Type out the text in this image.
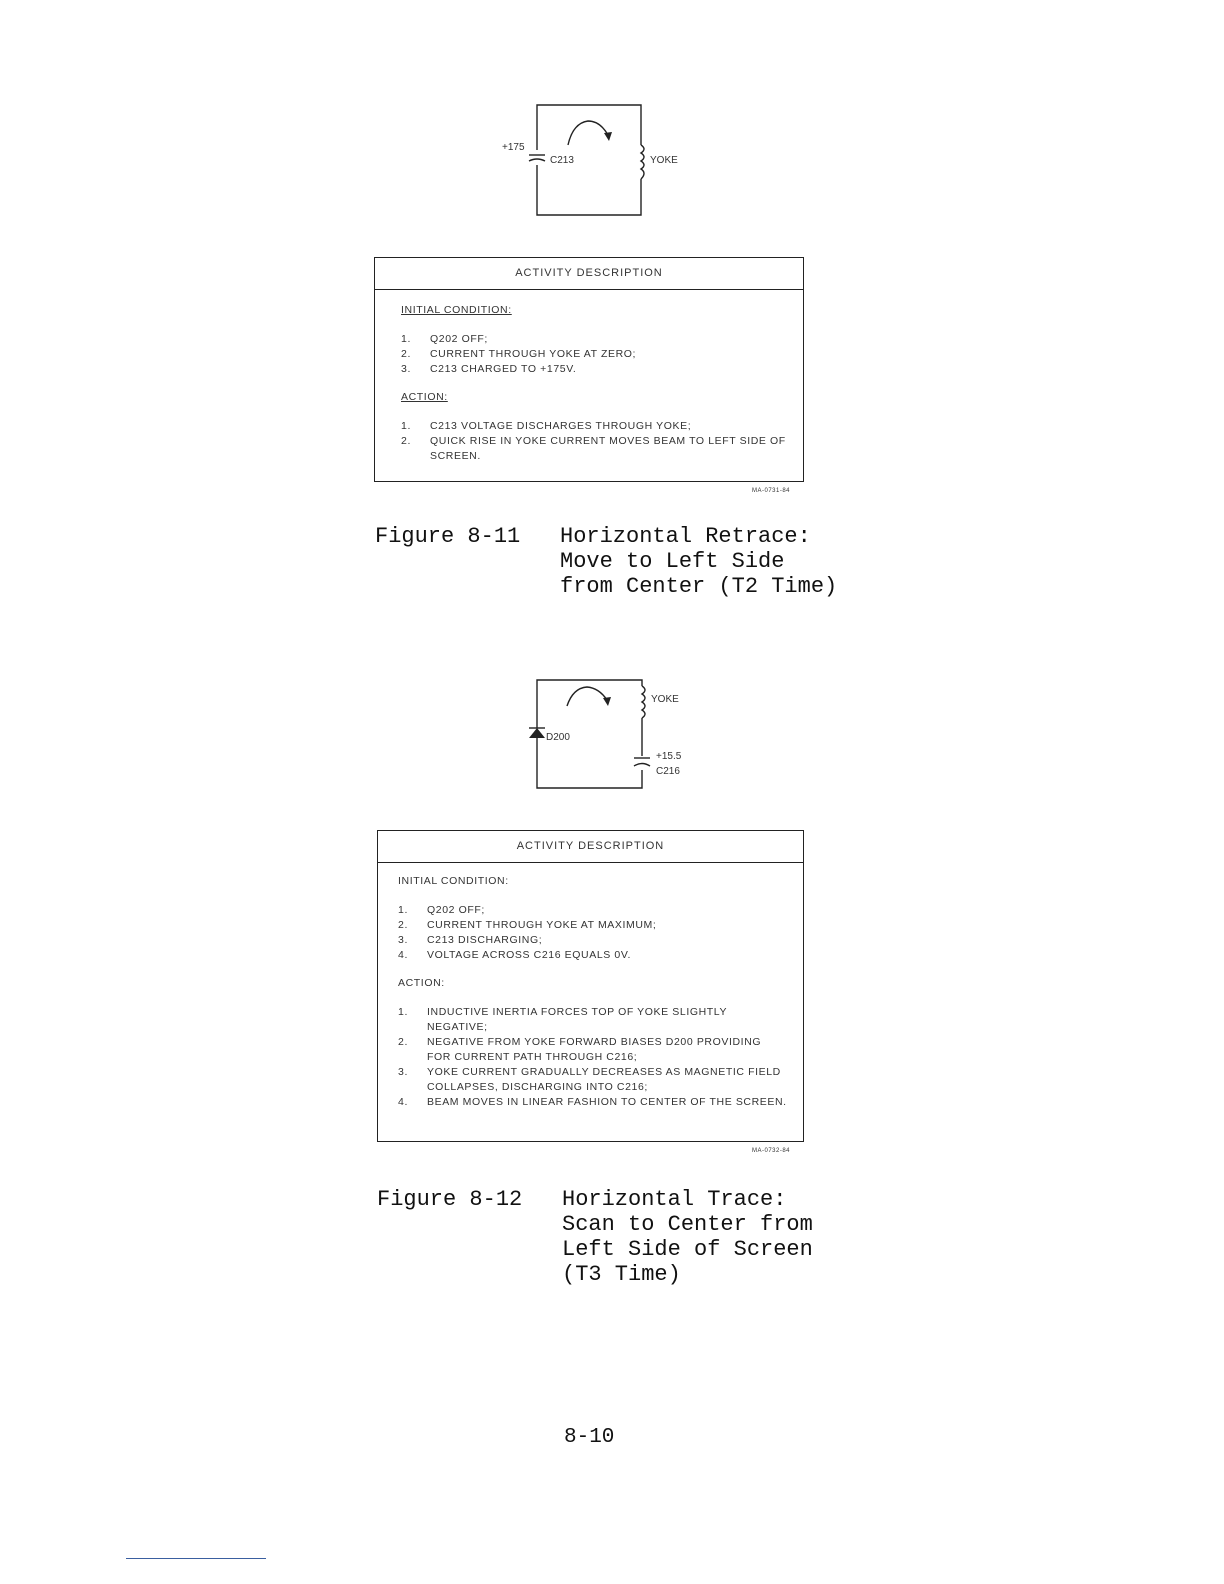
+175
C213	YOKE
ACTIVITY DESCRIPTION
INITIAL CONDITION:
1. Q202 OFF;
2. CURRENT THROUGH YOKE AT ZERO;
3. C213 CHARGED TO +175V.
ACTION:
1. C213 VOLTAGE DISCHARGES THROUGH YOKE;
2. QUICK RISE IN YOKE CURRENT MOVES BEAM TO LEFT SIDE OF SCREEN.
MA-0731-84
Figure 8-11 Horizontal Retrace:
Move to Left Side
from Center (T2 Time)
YOKE
D200
+15.5
C216
ACTIVITY DESCRIPTION
INITIAL CONDITION:
1. Q202 OFF;
2. CURRENT THROUGH YOKE AT MAXIMUM;
3. C213 DISCHARGING;
4. VOLTAGE ACROSS C216 EQUALS 0V.
ACTION:
1. INDUCTIVE INERTIA FORCES TOP OF YOKE SLIGHTLY NEGATIVE;
2. NEGATIVE FROM YOKE FORWARD BIASES D200 PROVIDING FOR CURRENT PATH THROUGH C216;
3. YOKE CURRENT GRADUALLY DECREASES AS MAGNETIC FIELD COLLAPSES, DISCHARGING INTO C216;
4. BEAM MOVES IN LINEAR FASHION TO CENTER OF THE SCREEN.
MA-0732-84
Figure 8-12 Horizontal Trace:
Scan to Center from
Left Side of Screen
(T3 Time)
8-10
